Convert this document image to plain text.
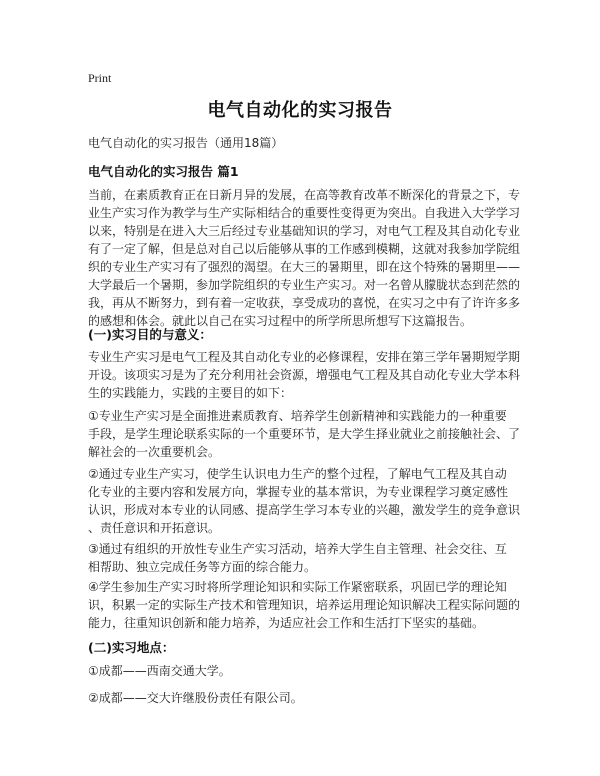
Print
电气自动化的实习报告
电气自动化的实习报告（通用18篇）
电气自动化的实习报告 篇1
当前，在素质教育正在日新月异的发展，在高等教育改革不断深化的背景之下，专
业生产实习作为教学与生产实际相结合的重要性变得更为突出。自我进入大学学习
以来，特别是在进入大三后经过专业基础知识的学习，对电气工程及其自动化专业
有了一定了解，但是总对自己以后能够从事的工作感到模糊，这就对我参加学院组
织的专业生产实习有了强烈的渴望。在大三的暑期里，即在这个特殊的暑期里——
大学最后一个暑期，参加学院组织的专业生产实习。对一名曾从朦胧状态到茫然的
我，再从不断努力，到有着一定收获，享受成功的喜悦，在实习之中有了许许多多
的感想和体会。就此以自己在实习过程中的所学所思所想写下这篇报告。
(一)实习目的与意义：
专业生产实习是电气工程及其自动化专业的必修课程，安排在第三学年暑期短学期
开设。该项实习是为了充分利用社会资源，增强电气工程及其自动化专业大学本科
生的实践能力，实践的主要目的如下：
①专业生产实习是全面推进素质教育、培养学生创新精神和实践能力的一种重要
手段，是学生理论联系实际的一个重要环节，是大学生择业就业之前接触社会、了
解社会的一次重要机会。
②通过专业生产实习，使学生认识电力生产的整个过程，了解电气工程及其自动
化专业的主要内容和发展方向，掌握专业的基本常识，为专业课程学习奠定感性
认识，形成对本专业的认同感、提高学生学习本专业的兴趣，激发学生的竞争意识
、责任意识和开拓意识。
③通过有组织的开放性专业生产实习活动，培养大学生自主管理、社会交往、互
相帮助、独立完成任务等方面的综合能力。
④学生参加生产实习时将所学理论知识和实际工作紧密联系，巩固已学的理论知
识，积累一定的实际生产技术和管理知识，培养运用理论知识解决工程实际问题的
能力，往重知识创新和能力培养，为适应社会工作和生活打下坚实的基础。
(二)实习地点：
①成都——西南交通大学。
②成都——交大许继股份责任有限公司。
